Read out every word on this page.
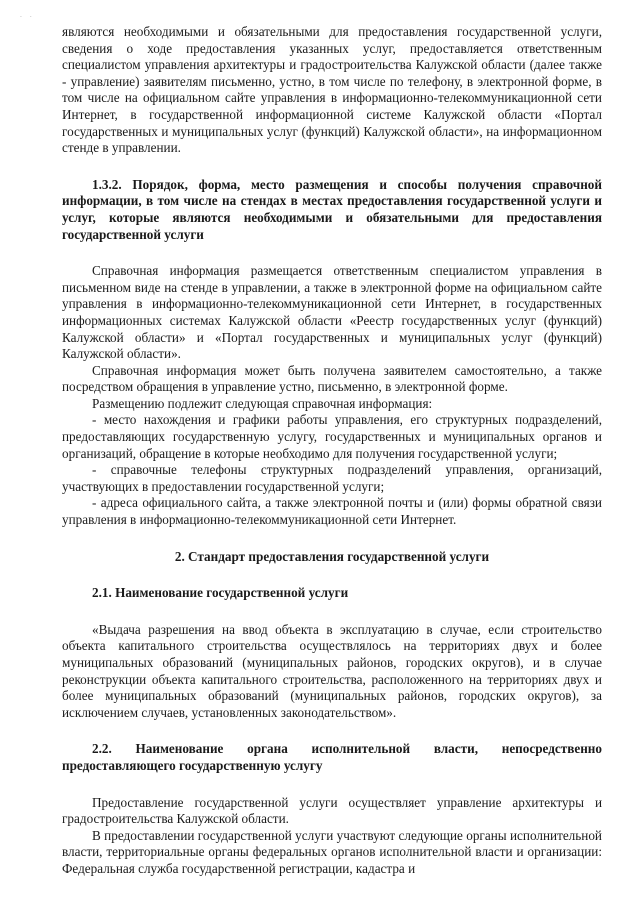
· ·

являются необходимыми и обязательными для предоставления государственной услуги, сведения о ходе предоставления указанных услуг, предоставляется ответственным специалистом управления архитектуры и градостроительства Калужской области (далее также - управление) заявителям письменно, устно, в том числе по телефону, в электронной форме, в том числе на официальном сайте управления в информационно-телекоммуникационной сети Интернет, в государственной информационной системе Калужской области «Портал государственных и муниципальных услуг (функций) Калужской области», на информационном стенде в управлении.

1.3.2. Порядок, форма, место размещения и способы получения справочной информации, в том числе на стендах в местах предоставления государственной услуги и услуг, которые являются необходимыми и обязательными для предоставления государственной услуги

Справочная информация размещается ответственным специалистом управления в письменном виде на стенде в управлении, а также в электронной форме на официальном сайте управления в информационно-телекоммуникационной сети Интернет, в государственных информационных системах Калужской области «Реестр государственных услуг (функций) Калужской области» и «Портал государственных и муниципальных услуг (функций) Калужской области».

Справочная информация может быть получена заявителем самостоятельно, а также посредством обращения в управление устно, письменно, в электронной форме.

Размещению подлежит следующая справочная информация:

- место нахождения и графики работы управления, его структурных подразделений, предоставляющих государственную услугу, государственных и муниципальных органов и организаций, обращение в которые необходимо для получения государственной услуги;

- справочные телефоны структурных подразделений управления, организаций, участвующих в предоставлении государственной услуги;

- адреса официального сайта, а также электронной почты и (или) формы обратной связи управления в информационно-телекоммуникационной сети Интернет.

2. Стандарт предоставления государственной услуги

2.1. Наименование государственной услуги

«Выдача разрешения на ввод объекта в эксплуатацию в случае, если строительство объекта капитального строительства осуществлялось на территориях двух и более муниципальных образований (муниципальных районов, городских округов), и в случае реконструкции объекта капитального строительства, расположенного на территориях двух и более муниципальных образований (муниципальных районов, городских округов), за исключением случаев, установленных законодательством».

2.2. Наименование органа исполнительной власти, непосредственно предоставляющего государственную услугу

Предоставление государственной услуги осуществляет управление архитектуры и градостроительства Калужской области.

В предоставлении государственной услуги участвуют следующие органы исполнительной власти, территориальные органы федеральных органов исполнительной власти и организации: Федеральная служба государственной регистрации, кадастра и
